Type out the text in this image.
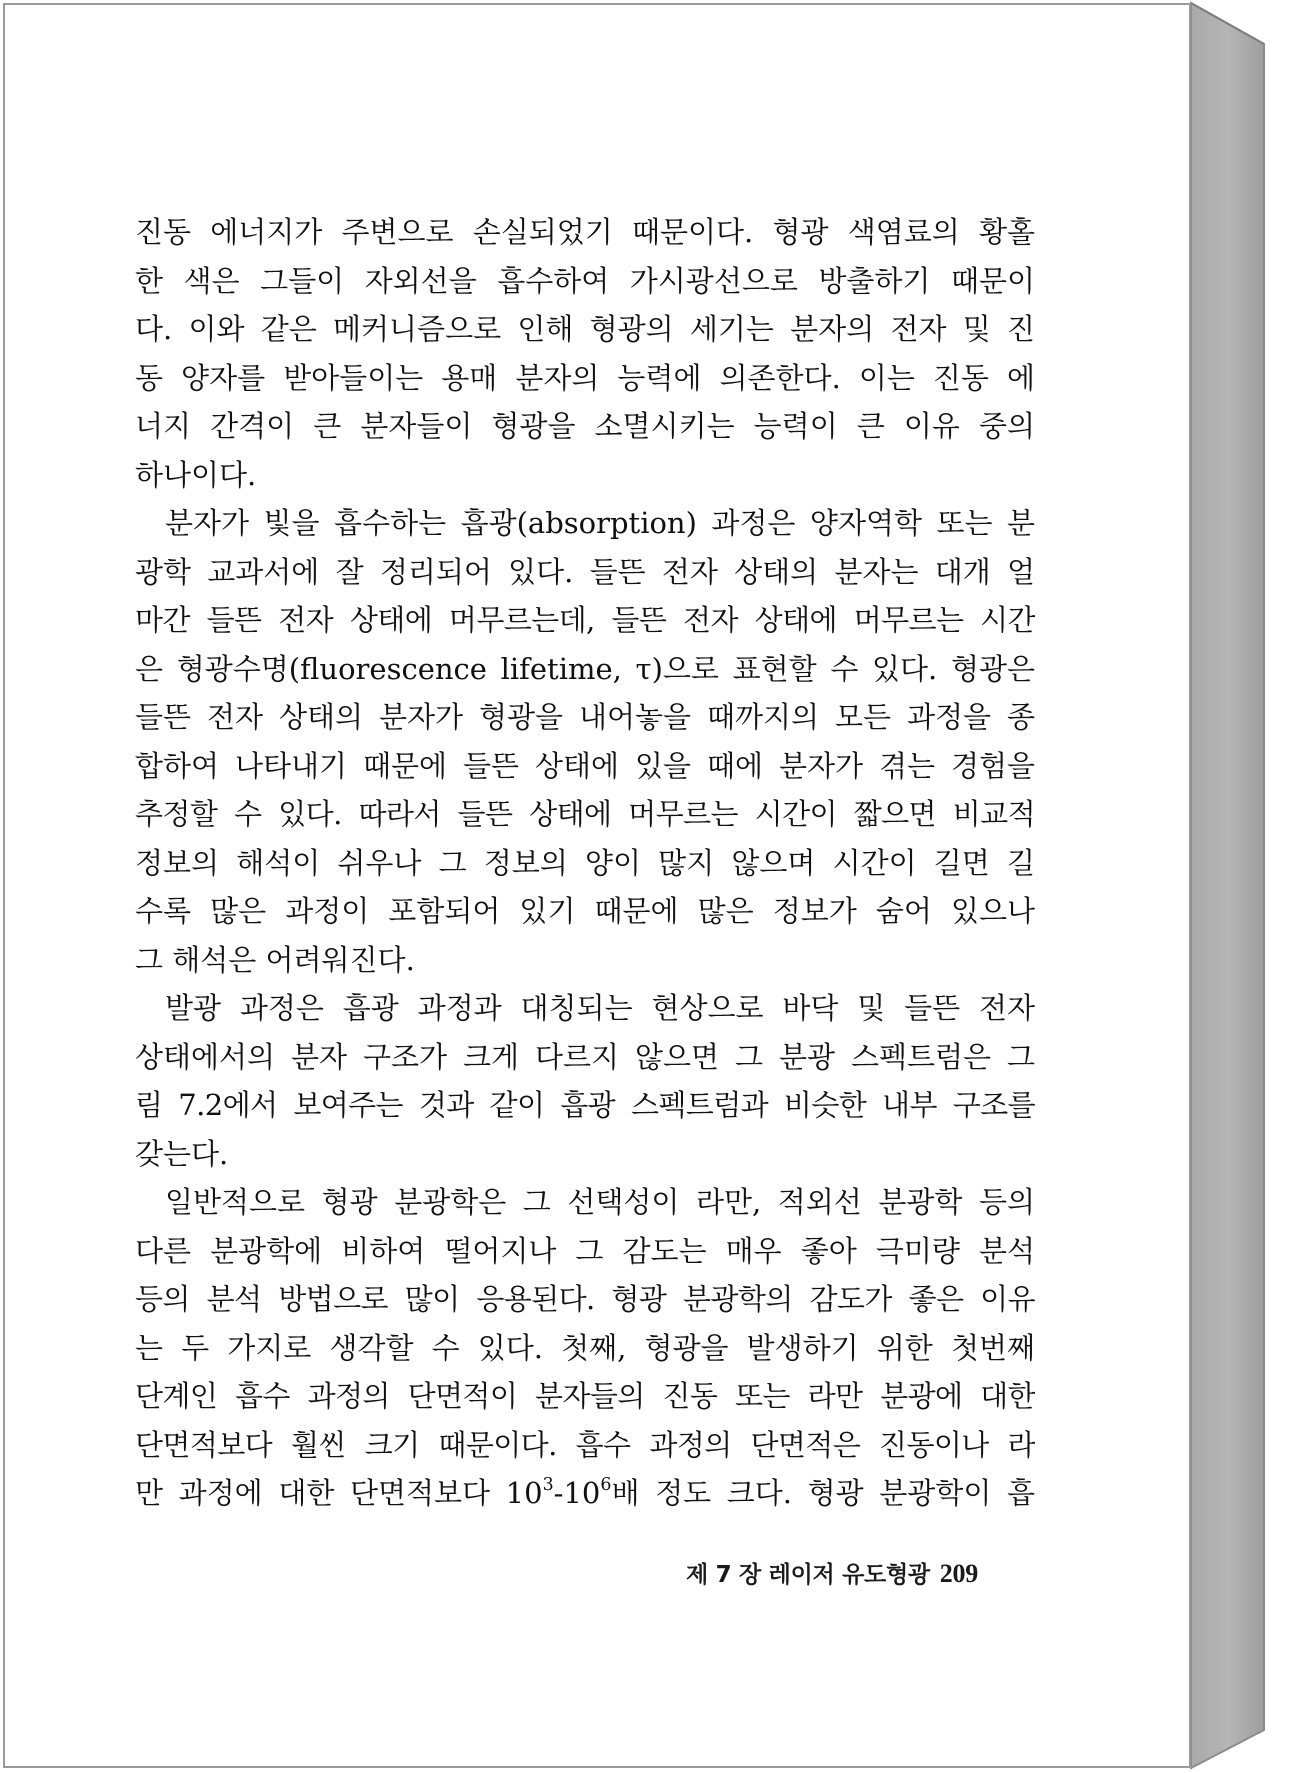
진동 에너지가 주변으로 손실되었기 때문이다. 형광 색염료의 황홀
한 색은 그들이 자외선을 흡수하여 가시광선으로 방출하기 때문이
다. 이와 같은 메커니즘으로 인해 형광의 세기는 분자의 전자 및 진
동 양자를 받아들이는 용매 분자의 능력에 의존한다. 이는 진동 에
너지 간격이 큰 분자들이 형광을 소멸시키는 능력이 큰 이유 중의
하나이다.
분자가 빛을 흡수하는 흡광(absorption) 과정은 양자역학 또는 분
광학 교과서에 잘 정리되어 있다. 들뜬 전자 상태의 분자는 대개 얼
마간 들뜬 전자 상태에 머무르는데, 들뜬 전자 상태에 머무르는 시간
은 형광수명(fluorescence lifetime, τ)으로 표현할 수 있다. 형광은
들뜬 전자 상태의 분자가 형광을 내어놓을 때까지의 모든 과정을 종
합하여 나타내기 때문에 들뜬 상태에 있을 때에 분자가 겪는 경험을
추정할 수 있다. 따라서 들뜬 상태에 머무르는 시간이 짧으면 비교적
정보의 해석이 쉬우나 그 정보의 양이 많지 않으며 시간이 길면 길
수록 많은 과정이 포함되어 있기 때문에 많은 정보가 숨어 있으나
그 해석은 어려워진다.
발광 과정은 흡광 과정과 대칭되는 현상으로 바닥 및 들뜬 전자
상태에서의 분자 구조가 크게 다르지 않으면 그 분광 스펙트럼은 그
림 7.2에서 보여주는 것과 같이 흡광 스펙트럼과 비슷한 내부 구조를
갖는다.
일반적으로 형광 분광학은 그 선택성이 라만, 적외선 분광학 등의
다른 분광학에 비하여 떨어지나 그 감도는 매우 좋아 극미량 분석
등의 분석 방법으로 많이 응용된다. 형광 분광학의 감도가 좋은 이유
는 두 가지로 생각할 수 있다. 첫째, 형광을 발생하기 위한 첫번째
단계인 흡수 과정의 단면적이 분자들의 진동 또는 라만 분광에 대한
단면적보다 훨씬 크기 때문이다. 흡수 과정의 단면적은 진동이나 라
만 과정에 대한 단면적보다 $10^3-10^6$배 정도 크다. 형광 분광학이 흡
제 7 장 레이저 유도형광 209
